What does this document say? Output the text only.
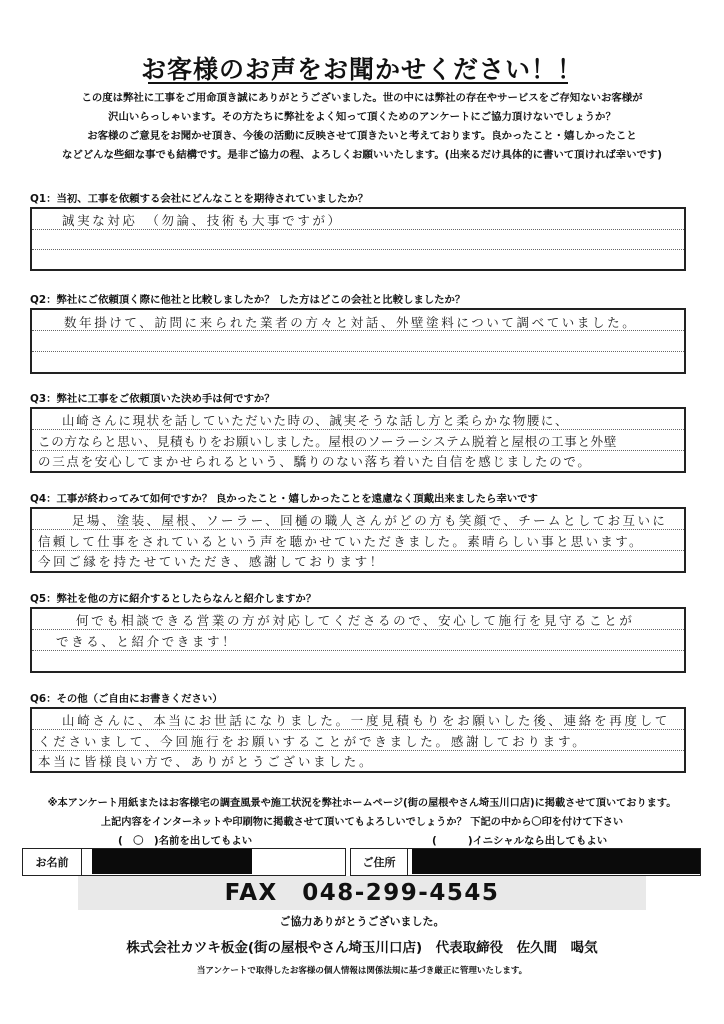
お客様のお声をお聞かせください！！
この度は弊社に工事をご用命頂き誠にありがとうございました。世の中には弊社の存在やサービスをご存知ないお客様が
沢山いらっしゃいます。その方たちに弊社をよく知って頂くためのアンケートにご協力頂けないでしょうか？
お客様のご意見をお聞かせ頂き、今後の活動に反映させて頂きたいと考えております。良かったこと・嬉しかったこと
などどんな些細な事でも結構です。是非ご協力の程、よろしくお願いいたします。(出来るだけ具体的に書いて頂ければ幸いです)
Q1：当初、工事を依頼する会社にどんなことを期待されていましたか？
誠実な対応　（勿論、技術も大事ですが）
Q2：弊社にご依頼頂く際に他社と比較しましたか？ した方はどこの会社と比較しましたか？
数年掛けて、訪問に来られた業者の方々と対話、外壁塗料について調べていました。
Q3：弊社に工事をご依頼頂いた決め手は何ですか？
山崎さんに現状を話していただいた時の、誠実そうな話し方と柔らかな物腰に、
この方ならと思い、見積もりをお願いしました。屋根のソーラーシステム脱着と屋根の工事と外壁
の三点を安心してまかせられるという、驕りのない落ち着いた自信を感じましたので。
Q4：工事が終わってみて如何ですか？ 良かったこと・嬉しかったことを遠慮なく頂戴出来ましたら幸いです
足場、塗装、屋根、ソーラー、回樋の職人さんがどの方も笑顔で、チームとしてお互いに
信頼して仕事をされているという声を聴かせていただきました。素晴らしい事と思います。
今回ご縁を持たせていただき、感謝しております！
Q5：弊社を他の方に紹介するとしたらなんと紹介しますか？
何でも相談できる営業の方が対応してくださるので、安心して施行を見守ることが
できる、と紹介できます！
Q6：その他（ご自由にお書きください）
山崎さんに、本当にお世話になりました。一度見積もりをお願いした後、連絡を再度して
くださいまして、今回施行をお願いすることができました。感謝しております。
本当に皆様良い方で、ありがとうございました。
※本アンケート用紙またはお客様宅の調査風景や施工状況を弊社ホームページ(街の屋根やさん埼玉川口店)に掲載させて頂いております。
上記内容をインターネットや印刷物に掲載させて頂いてもよろしいでしょうか？ 下記の中から〇印を付けて下さい
(　〇　)名前を出してもよい	(　　　)イニシャルなら出してもよい
お名前	ご住所
FAX　048-299-4545
ご協力ありがとうございました。
株式会社カツキ板金(街の屋根やさん埼玉川口店)　代表取締役　佐久間　喝気
当アンケートで取得したお客様の個人情報は関係法規に基づき厳正に管理いたします。
